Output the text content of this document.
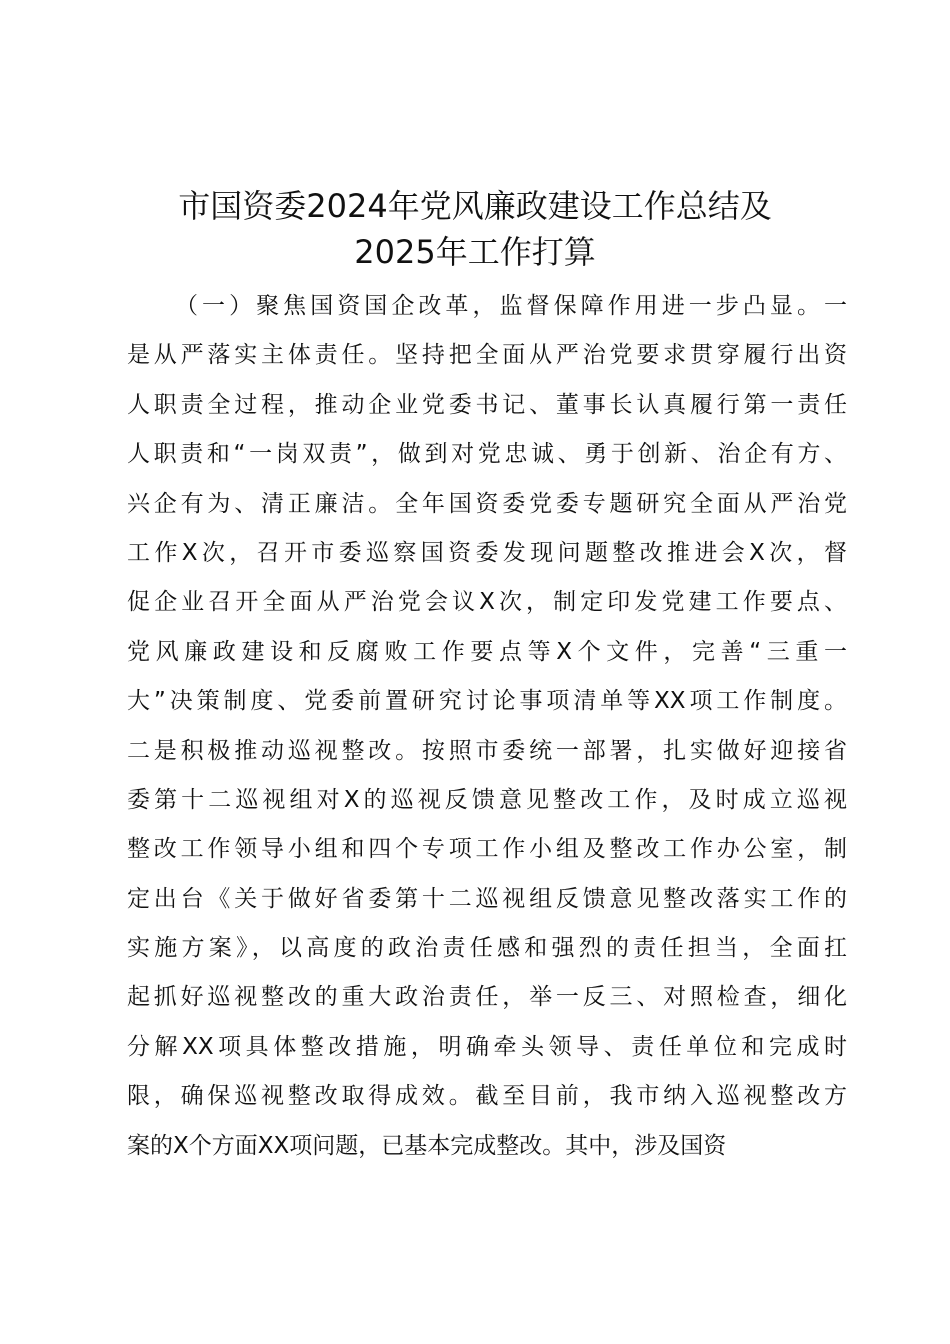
市国资委2024年党风廉政建设工作总结及
2025年工作打算
（一）聚焦国资国企改革，监督保障作用进一步凸显。一
是从严落实主体责任。坚持把全面从严治党要求贯穿履行出资
人职责全过程，推动企业党委书记、董事长认真履行第一责任
人职责和“一岗双责”，做到对党忠诚、勇于创新、治企有方、
兴企有为、清正廉洁。全年国资委党委专题研究全面从严治党
工作X次，召开市委巡察国资委发现问题整改推进会X次，督
促企业召开全面从严治党会议X次，制定印发党建工作要点、
党风廉政建设和反腐败工作要点等X个文件，完善“三重一
大”决策制度、党委前置研究讨论事项清单等XX项工作制度。
二是积极推动巡视整改。按照市委统一部署，扎实做好迎接省
委第十二巡视组对X的巡视反馈意见整改工作，及时成立巡视
整改工作领导小组和四个专项工作小组及整改工作办公室，制
定出台《关于做好省委第十二巡视组反馈意见整改落实工作的
实施方案》，以高度的政治责任感和强烈的责任担当，全面扛
起抓好巡视整改的重大政治责任，举一反三、对照检查，细化
分解XX项具体整改措施，明确牵头领导、责任单位和完成时
限，确保巡视整改取得成效。截至目前，我市纳入巡视整改方
案的X个方面XX项问题，已基本完成整改。其中，涉及国资
